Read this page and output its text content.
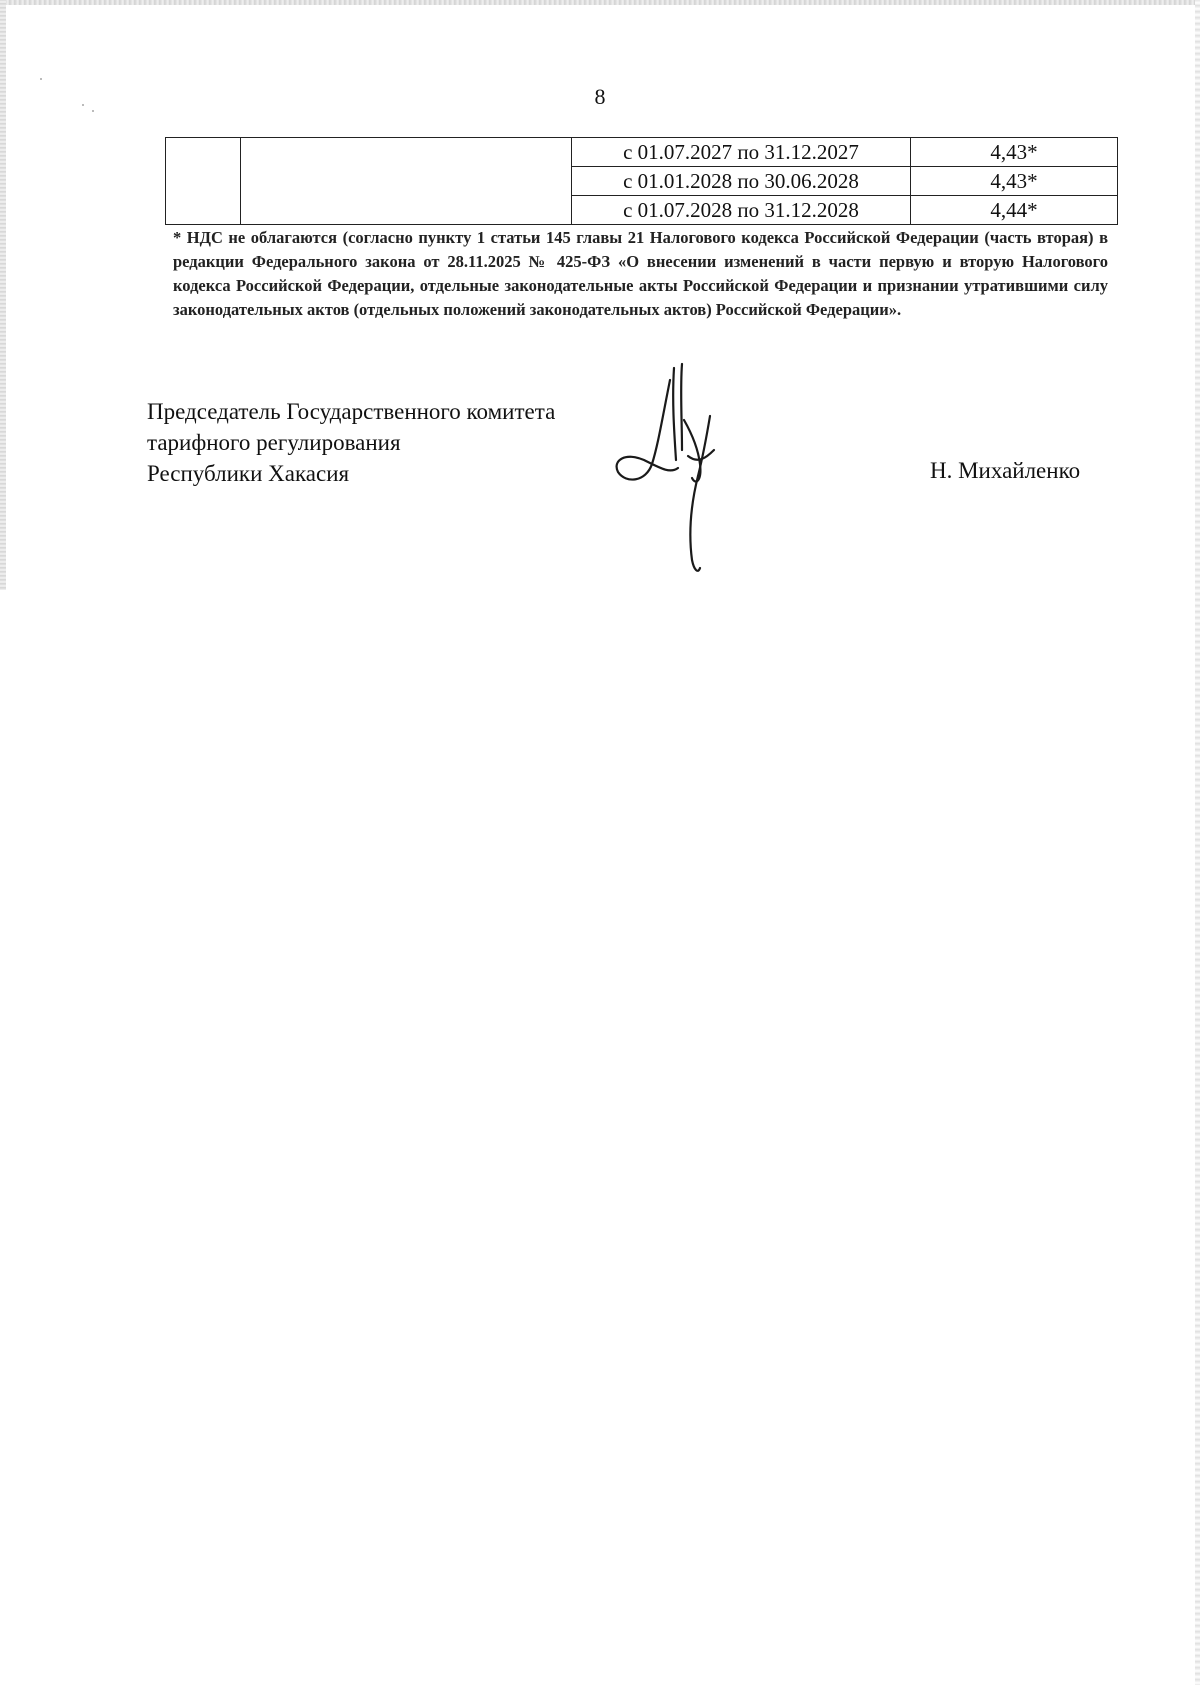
8
		с 01.07.2027 по 31.12.2027	4,43*
		с 01.01.2028 по 30.06.2028	4,43*
		с 01.07.2028 по 31.12.2028	4,44*
* НДС не облагаются (согласно пункту 1 статьи 145 главы 21 Налогового кодекса Российской Федерации (часть вторая) в редакции Федерального закона от 28.11.2025 № 425-ФЗ «О внесении изменений в части первую и вторую Налогового кодекса Российской Федерации, отдельные законодательные акты Российской Федерации и признании утратившими силу законодательных актов (отдельных положений законодательных актов) Российской Федерации».
Председатель Государственного комитета
тарифного регулирования
Республики Хакасия	Н. Михайленко
